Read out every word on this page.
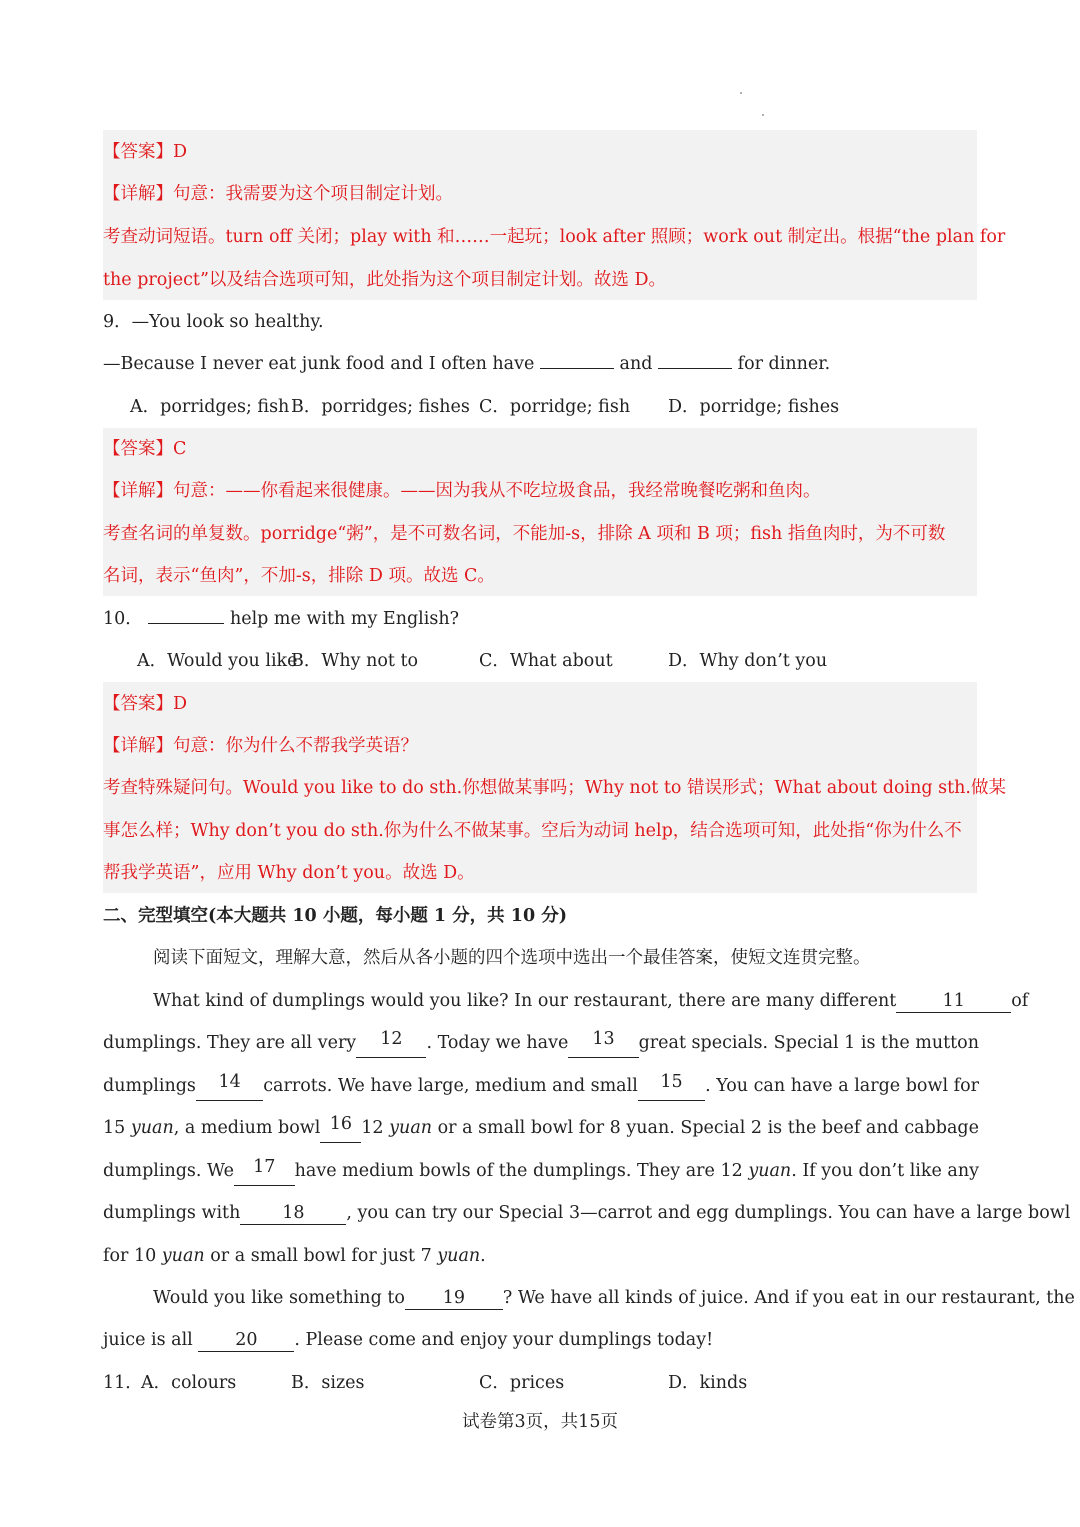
【答案】D
【详解】句意：我需要为这个项目制定计划。
考查动词短语。turn off 关闭；play with 和……一起玩；look after 照顾；work out 制定出。根据“the plan for
the project”以及结合选项可知，此处指为这个项目制定计划。故选 D。
9．—You look so healthy.
—Because I never eat junk food and I often have	and	for dinner.
A．porridges; fish B．porridges; fishes C．porridge; fish D．porridge; fishes
【答案】C
【详解】句意：——你看起来很健康。——因为我从不吃垃圾食品，我经常晚餐吃粥和鱼肉。
考查名词的单复数。porridge“粥”，是不可数名词，不能加-s，排除 A 项和 B 项；fish 指鱼肉时，为不可数
名词，表示“鱼肉”，不加-s，排除 D 项。故选 C。
10．	help me with my English?
A．Would you like
B．Why not to	C．What about	D．Why don’t you
【答案】D
【详解】句意：你为什么不帮我学英语？
考查特殊疑问句。Would you like to do sth.你想做某事吗；Why not to 错误形式；What about doing sth.做某
事怎么样；Why don’t you do sth.你为什么不做某事。空后为动词 help，结合选项可知，此处指“你为什么不
帮我学英语”，应用 Why don’t you。故选 D。
二、完型填空(本大题共 10 小题，每小题 1 分，共 10 分)
阅读下面短文，理解大意，然后从各小题的四个选项中选出一个最佳答案，使短文连贯完整。
What kind of dumplings would you like? In our restaurant, there are many different	11	of
dumplings. They are all very	12	. Today we have	13	great specials. Special 1 is the mutton
dumplings	14	carrots. We have large, medium and small	15	. You can have a large bowl for
15 yuan, a medium bowl 16 12 yuan or a small bowl for 8 yuan. Special 2 is the beef and cabbage
dumplings. We	17	have medium bowls of the dumplings. They are 12 yuan. If you don’t like any
dumplings with	18 , you can try our Special 3—carrot and egg dumplings. You can have a large bowl
for 10 yuan or a small bowl for just 7 yuan.
Would you like something to	19 ? We have all kinds of juice. And if you eat in our restaurant, the
juice is all 20 . Please come and enjoy your dumplings today!
11．
A．colours	B．sizes	C．prices	D．kinds
试卷第3页，共15页
